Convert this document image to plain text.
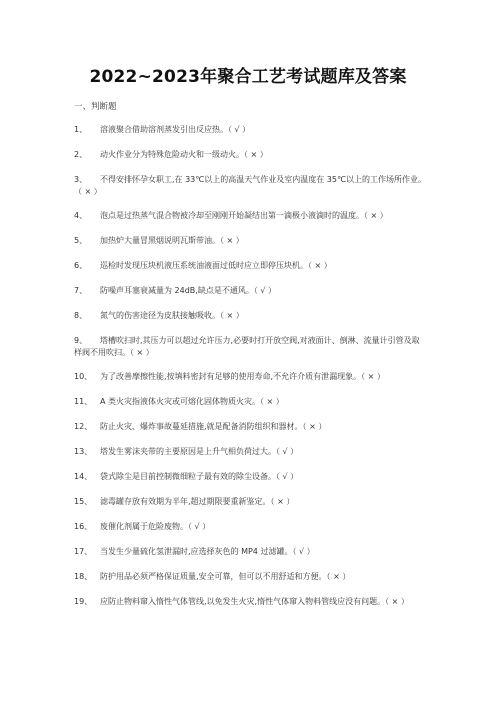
2022~2023年聚合工艺考试题库及答案
一、判断题
1、 溶液聚合借助溶剂蒸发引出反应热。（ √ ）
2、 动火作业分为特殊危险动火和一级动火。（ × ）
3、 不得安排怀孕女职工,在 33℃以上的高温天气作业及室内温度在 35℃以上的工作场所作业。（ × ）
4、 泡点是过热蒸气混合物被冷却至刚刚开始凝结出第一滴极小液滴时的温度。（ × ）
5、 加热炉大量冒黑烟说明瓦斯带油。（ × ）
6、 巡检时发现压块机液压系统油液面过低时应立即停压块机。（ × ）
7、 防噪声耳塞衰减量为 24dB,缺点是不通风。（ √ ）
8、 氮气的伤害途径为皮肤接触吸收。（ × ）
9、 塔槽吹扫时,其压力可以超过允许压力,必要时打开放空阀,对液面计、倒淋、流量计引管及取样阀不用吹扫。（ × ）
10、 为了改善摩擦性能,按填料密封有足够的使用寿命,不允许介质有泄漏现象。（ × ）
11、 A 类火灾指液体火灾或可熔化固体物质火灾。（ × ）
12、 防止火灾、爆炸事故蔓延措施,就是配备消防组织和器材。（ × ）
13、 塔发生雾沫夹带的主要原因是上升气相负荷过大。（ √ ）
14、 袋式除尘是目前控制微细粒子最有效的除尘设备。（ √ ）
15、 滤毒罐存放有效期为半年,超过期限要重新鉴定。（ × ）
16、 废催化剂属于危险废物。（ √ ）
17、 当发生少量硫化氢泄漏时,应选择灰色的 MP4 过滤罐。（ √ ）
18、 防护用品必须严格保证质量,安全可靠，但可以不用舒适和方便。（ × ）
19、 应防止物料窜入惰性气体管线,以免发生火灾,惰性气体窜入物料管线应没有问题。（ × ）
